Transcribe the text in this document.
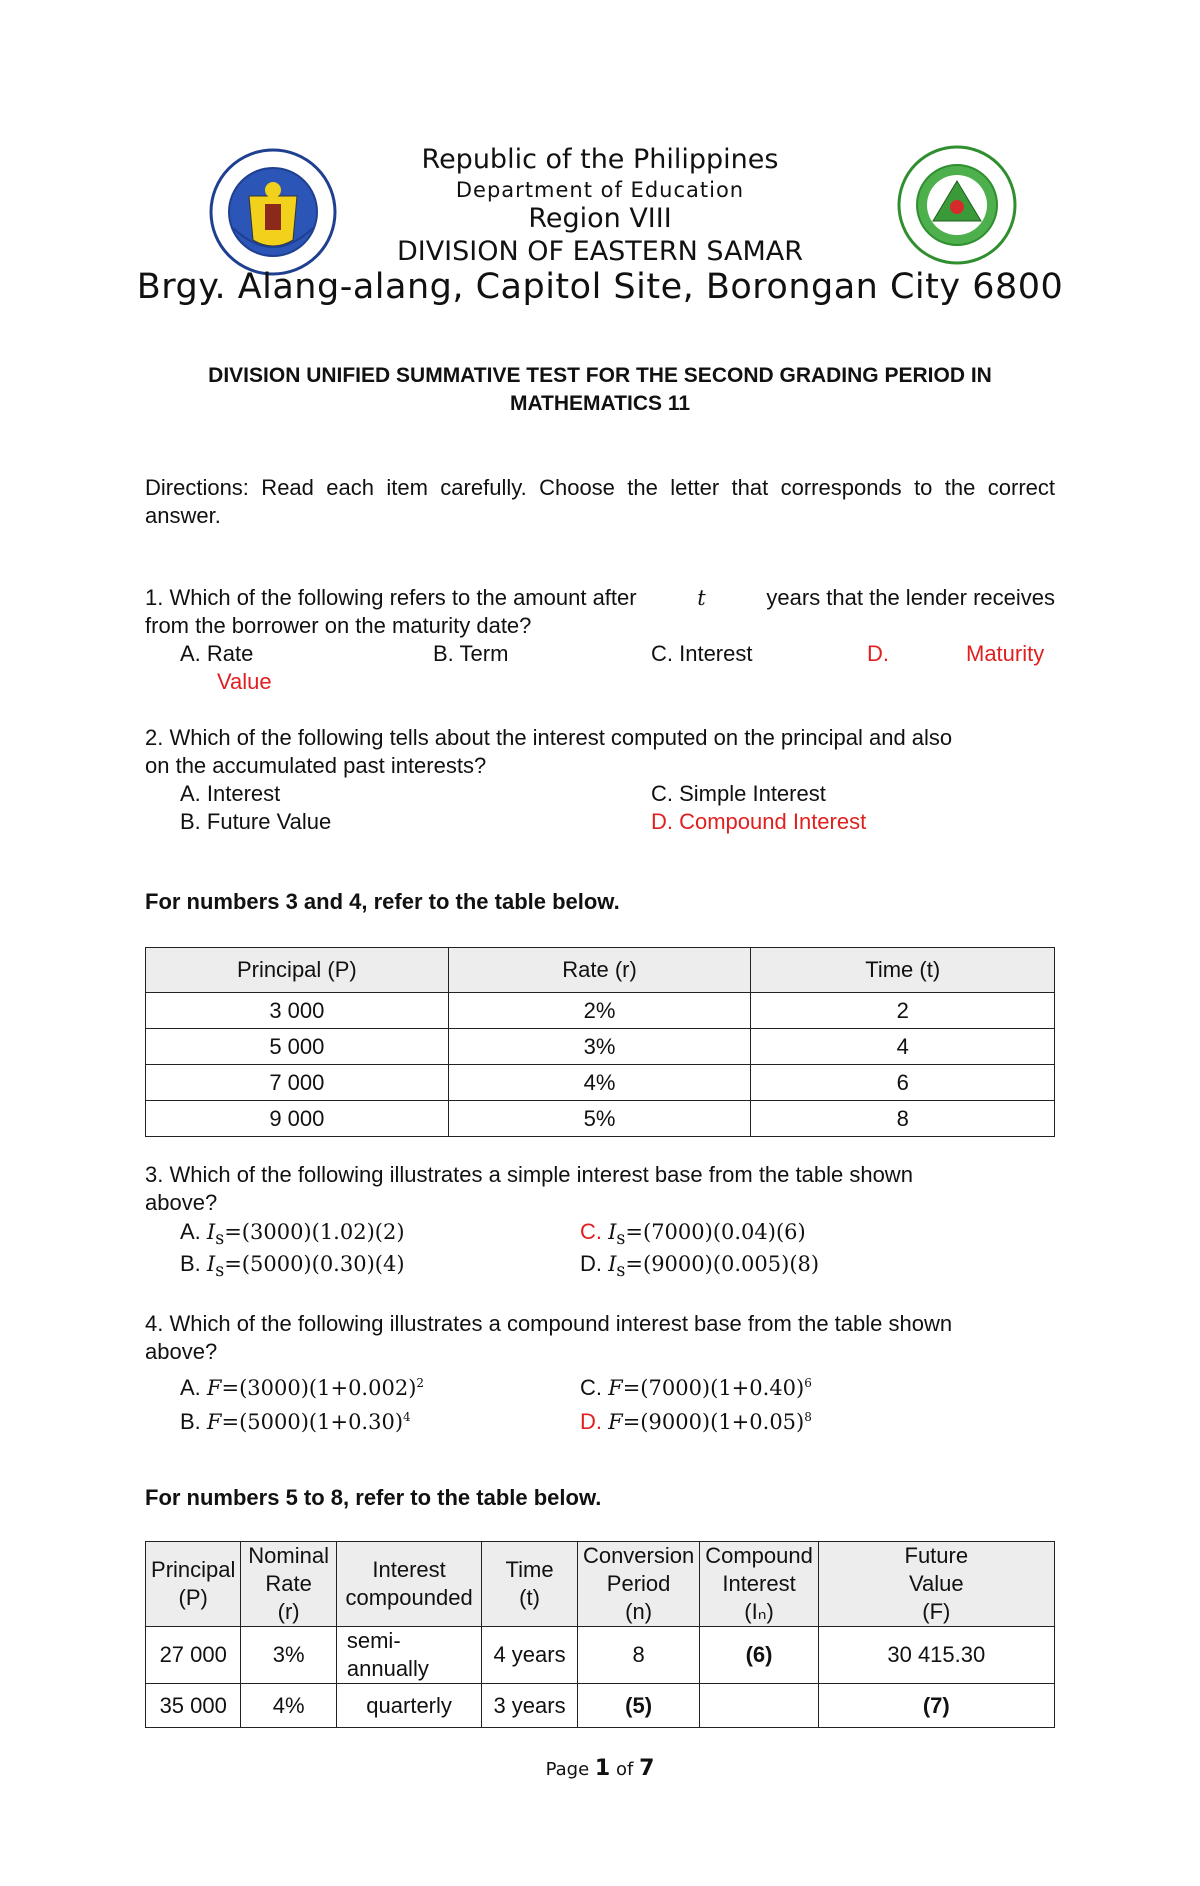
Republic of the Philippines
Department of Education
Region VIII
DIVISION OF EASTERN SAMAR
Brgy. Alang-alang, Capitol Site, Borongan City 6800
DIVISION UNIFIED SUMMATIVE TEST FOR THE SECOND GRADING PERIOD IN
MATHEMATICS 11
Directions: Read each item carefully. Choose the letter that corresponds to the correct answer.
1. Which of the following refers to the amount after	t	years that the lender receives
from the borrower on the maturity date?
A. Rate	B. Term	C. Interest	D.	Maturity
Value
2. Which of the following tells about the interest computed on the principal and also
on the accumulated past interests?
A. Interest
B. Future Value
C. Simple Interest
D. Compound Interest
For numbers 3 and 4, refer to the table below.
Principal (P)	Rate (r)	Time (t)
3 000	2%	2
5 000	3%	4
7 000	4%	6
9 000	5%	8
3. Which of the following illustrates a simple interest base from the table shown
above?
A. $I_s=(3000)(1.02)(2)$
B. $I_s=(5000)(0.30)(4)$
C. $I_s=(7000)(0.04)(6)$
D. $I_s=(9000)(0.005)(8)$
4. Which of the following illustrates a compound interest base from the table shown
above?
A. $F=(3000)(1+0.002)^2$
B. $F=(5000)(1+0.30)^4$
C. $F=(7000)(1+0.40)^6$
D. $F=(9000)(1+0.05)^8$
For numbers 5 to 8, refer to the table below.
Principal
(P)	Nominal
Rate
(r)	Interest
compounded	Time
(t)	Conversion
Period
(n)	Compound
Interest
(Iₙ)	Future
Value
(F)
27 000	3%	semi-annually	4 years	8	(6)	30 415.30
35 000	4%	quarterly	3 years	(5)		(7)
Page 1 of 7
